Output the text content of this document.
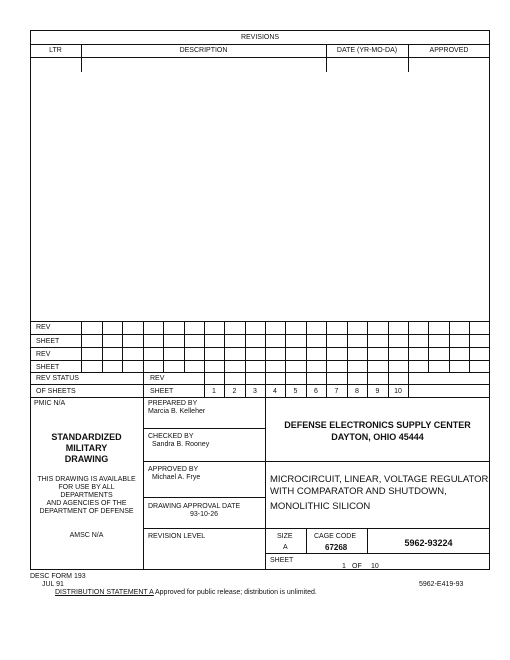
REVISIONS
LTR	DESCRIPTION	DATE (YR-MO-DA)	APPROVED
REV
SHEET
REV
SHEET
REV STATUS
OF SHEETS
REV
SHEET	1	2	3	4	5	6	7	8	9	10
PMIC N/A
STANDARDIZED
MILITARY
DRAWING
THIS DRAWING IS AVAILABLE
FOR USE BY ALL
DEPARTMENTS
AND AGENCIES OF THE
DEPARTMENT OF DEFENSE
AMSC N/A
PREPARED BY
Marcia B. Kelleher
CHECKED BY
Sandra B. Rooney
APPROVED BY
Michael A. Frye
DRAWING APPROVAL DATE
93-10-26
REVISION LEVEL
DEFENSE ELECTRONICS SUPPLY CENTER
DAYTON, OHIO 45444
MICROCIRCUIT, LINEAR, VOLTAGE REGULATOR
WITH COMPARATOR AND SHUTDOWN,
MONOLITHIC SILICON
SIZE
A
CAGE CODE
67268	5962-93224
SHEET
1 OF 10
DESC FORM 193
JUL 91
DISTRIBUTION STATEMENT A Approved for public release; distribution is unlimited.
5962-E419-93
